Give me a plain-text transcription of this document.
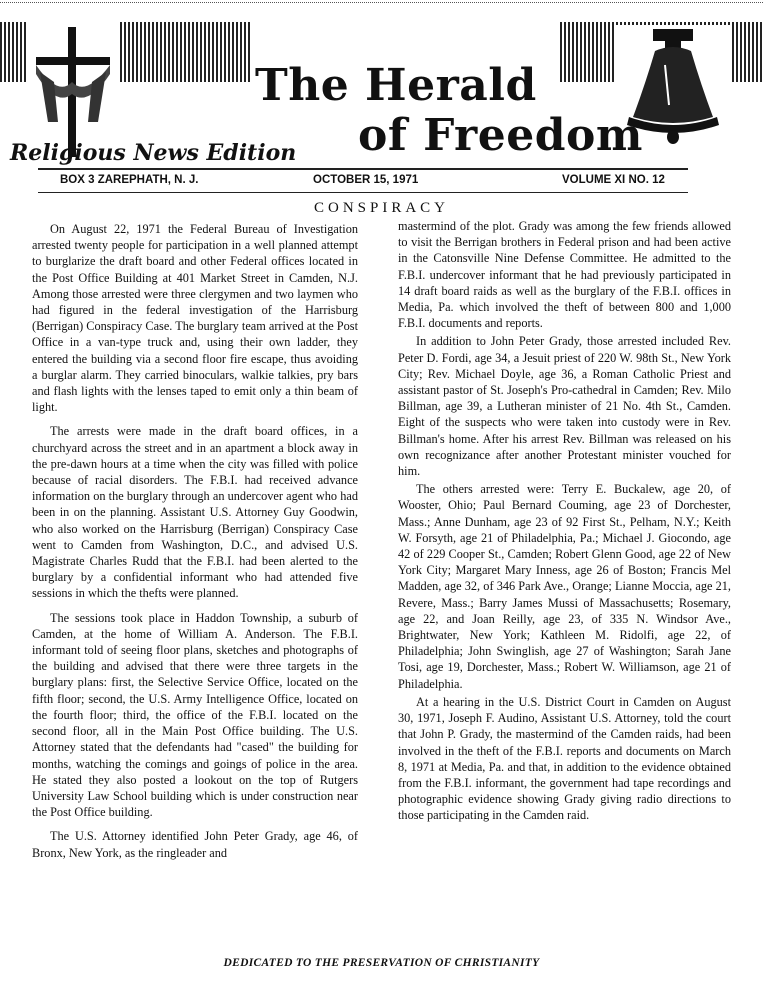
The Herald
of Freedom
Religious News Edition
BOX 3 ZAREPHATH, N. J.	OCTOBER 15, 1971	VOLUME XI NO. 12
CONSPIRACY

On August 22, 1971 the Federal Bureau of Investigation arrested twenty people for participation in a well planned attempt to burglarize the draft board and other Federal offices located in the Post Office Building at 401 Market Street in Camden, N.J. Among those arrested were three clergymen and two laymen who had figured in the federal investigation of the Harrisburg (Berrigan) Conspiracy Case. The burglary team arrived at the Post Office in a van-type truck and, using their own ladder, they entered the building via a second floor fire escape, thus avoiding a burglar alarm. They carried binoculars, walkie talkies, pry bars and flash lights with the lenses taped to emit only a thin beam of light.

The arrests were made in the draft board offices, in a churchyard across the street and in an apartment a block away in the pre-dawn hours at a time when the city was filled with police because of racial disorders. The F.B.I. had received advance information on the burglary through an undercover agent who had been in on the planning. Assistant U.S. Attorney Guy Goodwin, who also worked on the Harrisburg (Berrigan) Conspiracy Case went to Camden from Washington, D.C., and advised U.S. Magistrate Charles Rudd that the F.B.I. had been alerted to the burglary by a confidential informant who had attended five sessions in which the thefts were planned.

The sessions took place in Haddon Township, a suburb of Camden, at the home of William A. Anderson. The F.B.I. informant told of seeing floor plans, sketches and photographs of the building and advised that there were three targets in the burglary plans: first, the Selective Service Office, located on the fifth floor; second, the U.S. Army Intelligence Office, located on the fourth floor; third, the office of the F.B.I. located on the second floor, all in the Main Post Office building. The U.S. Attorney stated that the defendants had "cased" the building for months, watching the comings and goings of police in the area. He stated they also posted a lookout on the top of Rutgers University Law School building which is under construction near the Post Office building.

The U.S. Attorney identified John Peter Grady, age 46, of Bronx, New York, as the ringleader and

mastermind of the plot. Grady was among the few friends allowed to visit the Berrigan brothers in Federal prison and had been active in the Catonsville Nine Defense Committee. He admitted to the F.B.I. undercover informant that he had previously participated in 14 draft board raids as well as the burglary of the F.B.I. offices in Media, Pa. which involved the theft of between 800 and 1,000 F.B.I. documents and reports.

In addition to John Peter Grady, those arrested included Rev. Peter D. Fordi, age 34, a Jesuit priest of 220 W. 98th St., New York City; Rev. Michael Doyle, age 36, a Roman Catholic Priest and assistant pastor of St. Joseph's Pro-cathedral in Camden; Rev. Milo Billman, age 39, a Lutheran minister of 21 No. 4th St., Camden. Eight of the suspects who were taken into custody were in Rev. Billman's home. After his arrest Rev. Billman was released on his own recognizance after another Protestant minister vouched for him.

The others arrested were: Terry E. Buckalew, age 20, of Wooster, Ohio; Paul Bernard Couming, age 23 of Dorchester, Mass.; Anne Dunham, age 23 of 92 First St., Pelham, N.Y.; Keith W. Forsyth, age 21 of Philadelphia, Pa.; Michael J. Giocondo, age 42 of 229 Cooper St., Camden; Robert Glenn Good, age 22 of New York City; Margaret Mary Inness, age 26 of Boston; Francis Mel Madden, age 32, of 346 Park Ave., Orange; Lianne Moccia, age 21, Revere, Mass.; Barry James Mussi of Massachusetts; Rosemary, age 22, and Joan Reilly, age 23, of 335 N. Windsor Ave., Brightwater, New York; Kathleen M. Ridolfi, age 22, of Philadelphia; John Swinglish, age 27 of Washington; Sarah Jane Tosi, age 19, Dorchester, Mass.; Robert W. Williamson, age 21 of Philadelphia.

At a hearing in the U.S. District Court in Camden on August 30, 1971, Joseph F. Audino, Assistant U.S. Attorney, told the court that John P. Grady, the mastermind of the Camden raids, had been involved in the theft of the F.B.I. reports and documents on March 8, 1971 at Media, Pa. and that, in addition to the evidence obtained from the F.B.I. informant, the government had tape recordings and photographic evidence showing Grady giving radio directions to those participating in the Camden raid.

DEDICATED TO THE PRESERVATION OF CHRISTIANITY
